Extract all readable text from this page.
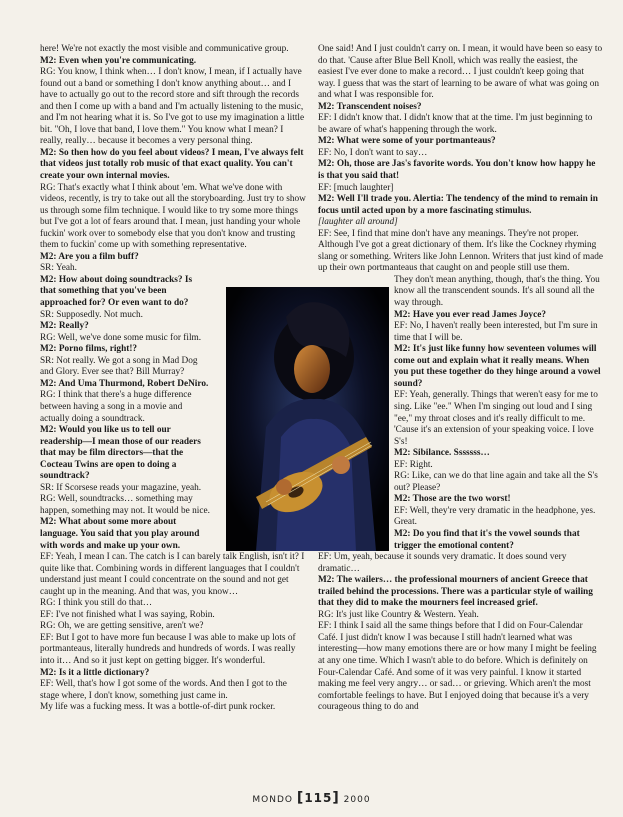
here! We're not exactly the most visible and communicative group.

M2: Even when you're communicating.

RG: You know, I think when… I don't know, I mean, if I actually have found out a band or something I don't know anything about… and I have to actually go out to the record store and sift through the records and then I come up with a band and I'm actually listening to the music, and I'm not hearing what it is. So I've got to use my imagination a little bit. "Oh, I love that band, I love them." You know what I mean? I really, really… because it becomes a very personal thing.

M2: So then how do you feel about videos? I mean, I've always felt that videos just totally rob music of that exact quality. You can't create your own internal movies.

RG: That's exactly what I think about 'em. What we've done with videos, recently, is try to take out all the storyboarding. Just try to show us through some film technique. I would like to try some more things but I've got a lot of fears around that. I mean, just handing your whole fuckin' work over to somebody else that you don't know and trusting them to fuckin' come up with something representative.

M2: Are you a film buff?

SR: Yeah.

M2: How about doing soundtracks? Is that something that you've been approached for? Or even want to do?

SR: Supposedly. Not much.

M2: Really?

RG: Well, we've done some music for film.

M2: Porno films, right!?

SR: Not really. We got a song in Mad Dog and Glory. Ever see that? Bill Murray?

M2: And Uma Thurmond, Robert DeNiro.

RG: I think that there's a huge difference between having a song in a movie and actually doing a soundtrack.

M2: Would you like us to tell our readership—I mean those of our readers that may be film directors—that the Cocteau Twins are open to doing a soundtrack?

SR: If Scorsese reads your magazine, yeah.

RG: Well, soundtracks… something may happen, something may not. It would be nice.

M2: What about some more about language. You said that you play around with words and make up your own.

EF: Yeah, I mean I can. The catch is I can barely talk English, isn't it? I quite like that. Combining words in different languages that I couldn't understand just meant I could concentrate on the sound and not get caught up in the meaning. And that was, you know…

RG: I think you still do that…

EF: I've not finished what I was saying, Robin.

RG: Oh, we are getting sensitive, aren't we?

EF: But I got to have more fun because I was able to make up lots of portmanteaus, literally hundreds and hundreds of words. I was really into it… And so it just kept on getting bigger. It's wonderful.

M2: Is it a little dictionary?

EF: Well, that's how I got some of the words. And then I got to the stage where, I don't know, something just came in.

My life was a fucking mess. It was a bottle-of-dirt punk rocker.

One said! And I just couldn't carry on. I mean, it would have been so easy to do that. 'Cause after Blue Bell Knoll, which was really the easiest, the easiest I've ever done to make a record… I just couldn't keep going that way. I guess that was the start of learning to be aware of what was going on and what I was responsible for.

M2: Transcendent noises?

EF: I didn't know that. I didn't know that at the time. I'm just beginning to be aware of what's happening through the work.

M2: What were some of your portmanteaus?

EF: No, I don't want to say…

M2: Oh, those are Jas's favorite words. You don't know how happy he is that you said that!

EF: [much laughter]

M2: Well I'll trade you. Alertia: The tendency of the mind to remain in focus until acted upon by a more fascinating stimulus.

[laughter all around]

EF: See, I find that mine don't have any meanings. They're not proper. Although I've got a great dictionary of them. It's like the Cockney rhyming slang or something. Writers like John Lennon. Writers that just kind of made up their own portmanteaus that caught on and people still use them.

They don't mean anything, though, that's the thing. You know all the transcendent sounds. It's all sound all the way through.

M2: Have you ever read James Joyce?

EF: No, I haven't really been interested, but I'm sure in time that I will be.

M2: It's just like funny how seventeen volumes will come out and explain what it really means. When you put these together do they hinge around a vowel sound?

EF: Yeah, generally. Things that weren't easy for me to sing. Like "ee." When I'm singing out loud and I sing "ee," my throat closes and it's really difficult to me. 'Cause it's an extension of your speaking voice. I love S's!

M2: Sibilance. Sssssss…

EF: Right.

RG: Like, can we do that line again and take all the S's out? Please?

M2: Those are the two worst!

EF: Well, they're very dramatic in the headphone, yes. Great.

M2: Do you find that it's the vowel sounds that trigger the emotional content?

EF: Um, yeah, because it sounds very dramatic. It does sound very dramatic…

M2: The wailers… the professional mourners of ancient Greece that trailed behind the processions. There was a particular style of wailing that they did to make the mourners feel increased grief.

RG: It's just like Country & Western. Yeah.

EF: I think I said all the same things before that I did on Four-Calendar Café. I just didn't know I was because I still hadn't learned what was interesting—how many emotions there are or how many I might be feeling at any one time. Which I wasn't able to do before. Which is definitely on Four-Calendar Café. And some of it was very painful. I know it started making me feel very angry… or sad… or grieving. Which aren't the most comfortable feelings to have. But I enjoyed doing that because it's a very courageous thing to do and

MONDO [115] 2000
